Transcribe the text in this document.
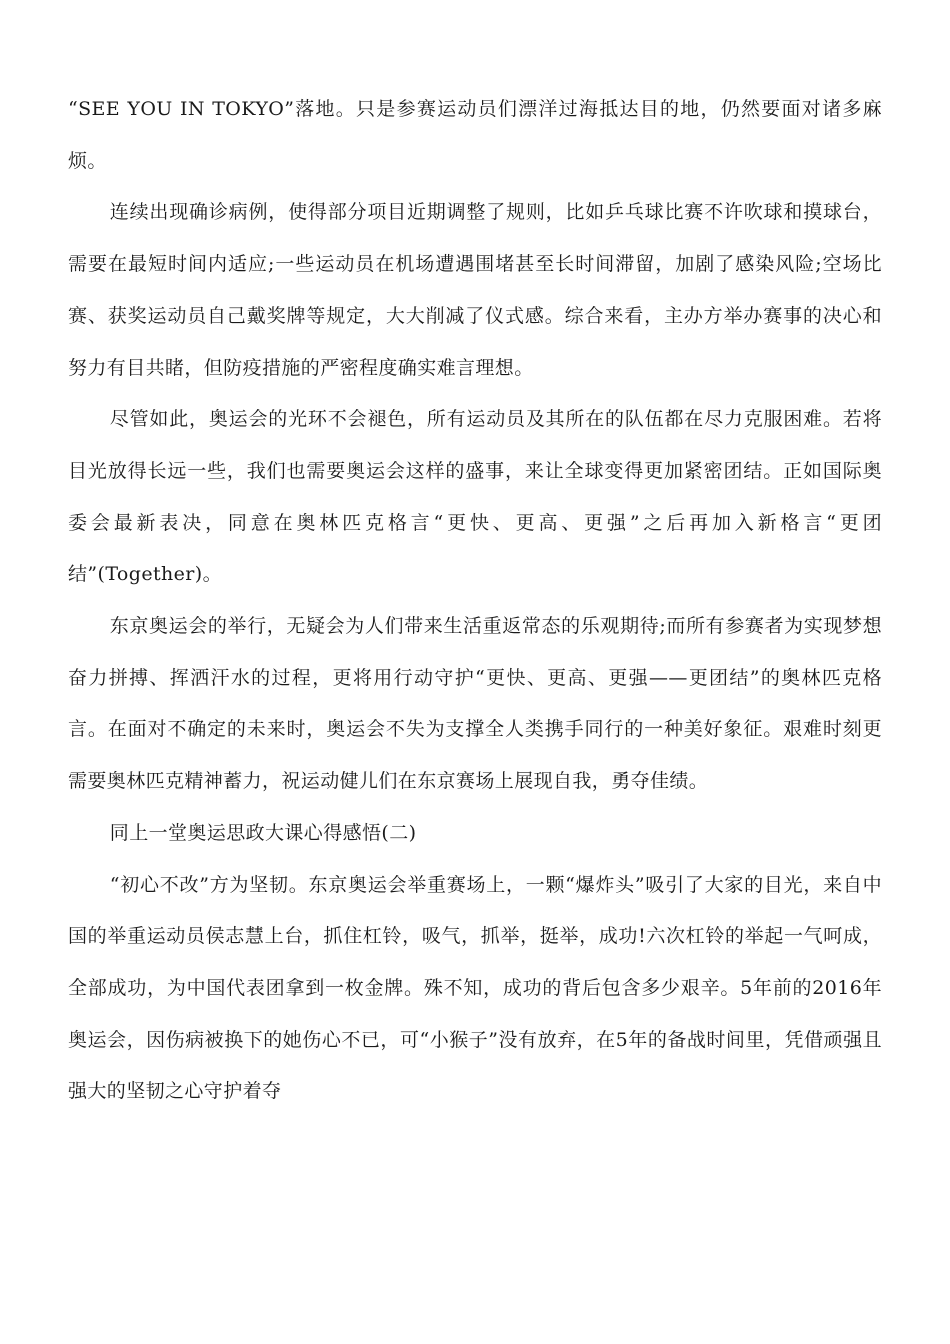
“SEE YOU IN TOKYO”落地。只是参赛运动员们漂洋过海抵达目的地，仍然要面对诸多麻烦。

连续出现确诊病例，使得部分项目近期调整了规则，比如乒乓球比赛不许吹球和摸球台，需要在最短时间内适应;一些运动员在机场遭遇围堵甚至长时间滞留，加剧了感染风险;空场比赛、获奖运动员自己戴奖牌等规定，大大削减了仪式感。综合来看，主办方举办赛事的决心和努力有目共睹，但防疫措施的严密程度确实难言理想。

尽管如此，奥运会的光环不会褪色，所有运动员及其所在的队伍都在尽力克服困难。若将目光放得长远一些，我们也需要奥运会这样的盛事，来让全球变得更加紧密团结。正如国际奥委会最新表决，同意在奥林匹克格言“更快、更高、更强”之后再加入新格言“更团结”(Together)。

东京奥运会的举行，无疑会为人们带来生活重返常态的乐观期待;而所有参赛者为实现梦想奋力拼搏、挥洒汗水的过程，更将用行动守护“更快、更高、更强——更团结”的奥林匹克格言。在面对不确定的未来时，奥运会不失为支撑全人类携手同行的一种美好象征。艰难时刻更需要奥林匹克精神蓄力，祝运动健儿们在东京赛场上展现自我，勇夺佳绩。

同上一堂奥运思政大课心得感悟(二)

“初心不改”方为坚韧。东京奥运会举重赛场上，一颗“爆炸头”吸引了大家的目光，来自中国的举重运动员侯志慧上台，抓住杠铃，吸气，抓举，挺举，成功!六次杠铃的举起一气呵成，全部成功，为中国代表团拿到一枚金牌。殊不知，成功的背后包含多少艰辛。5年前的2016年奥运会，因伤病被换下的她伤心不已，可“小猴子”没有放弃，在5年的备战时间里，凭借顽强且强大的坚韧之心守护着夺
